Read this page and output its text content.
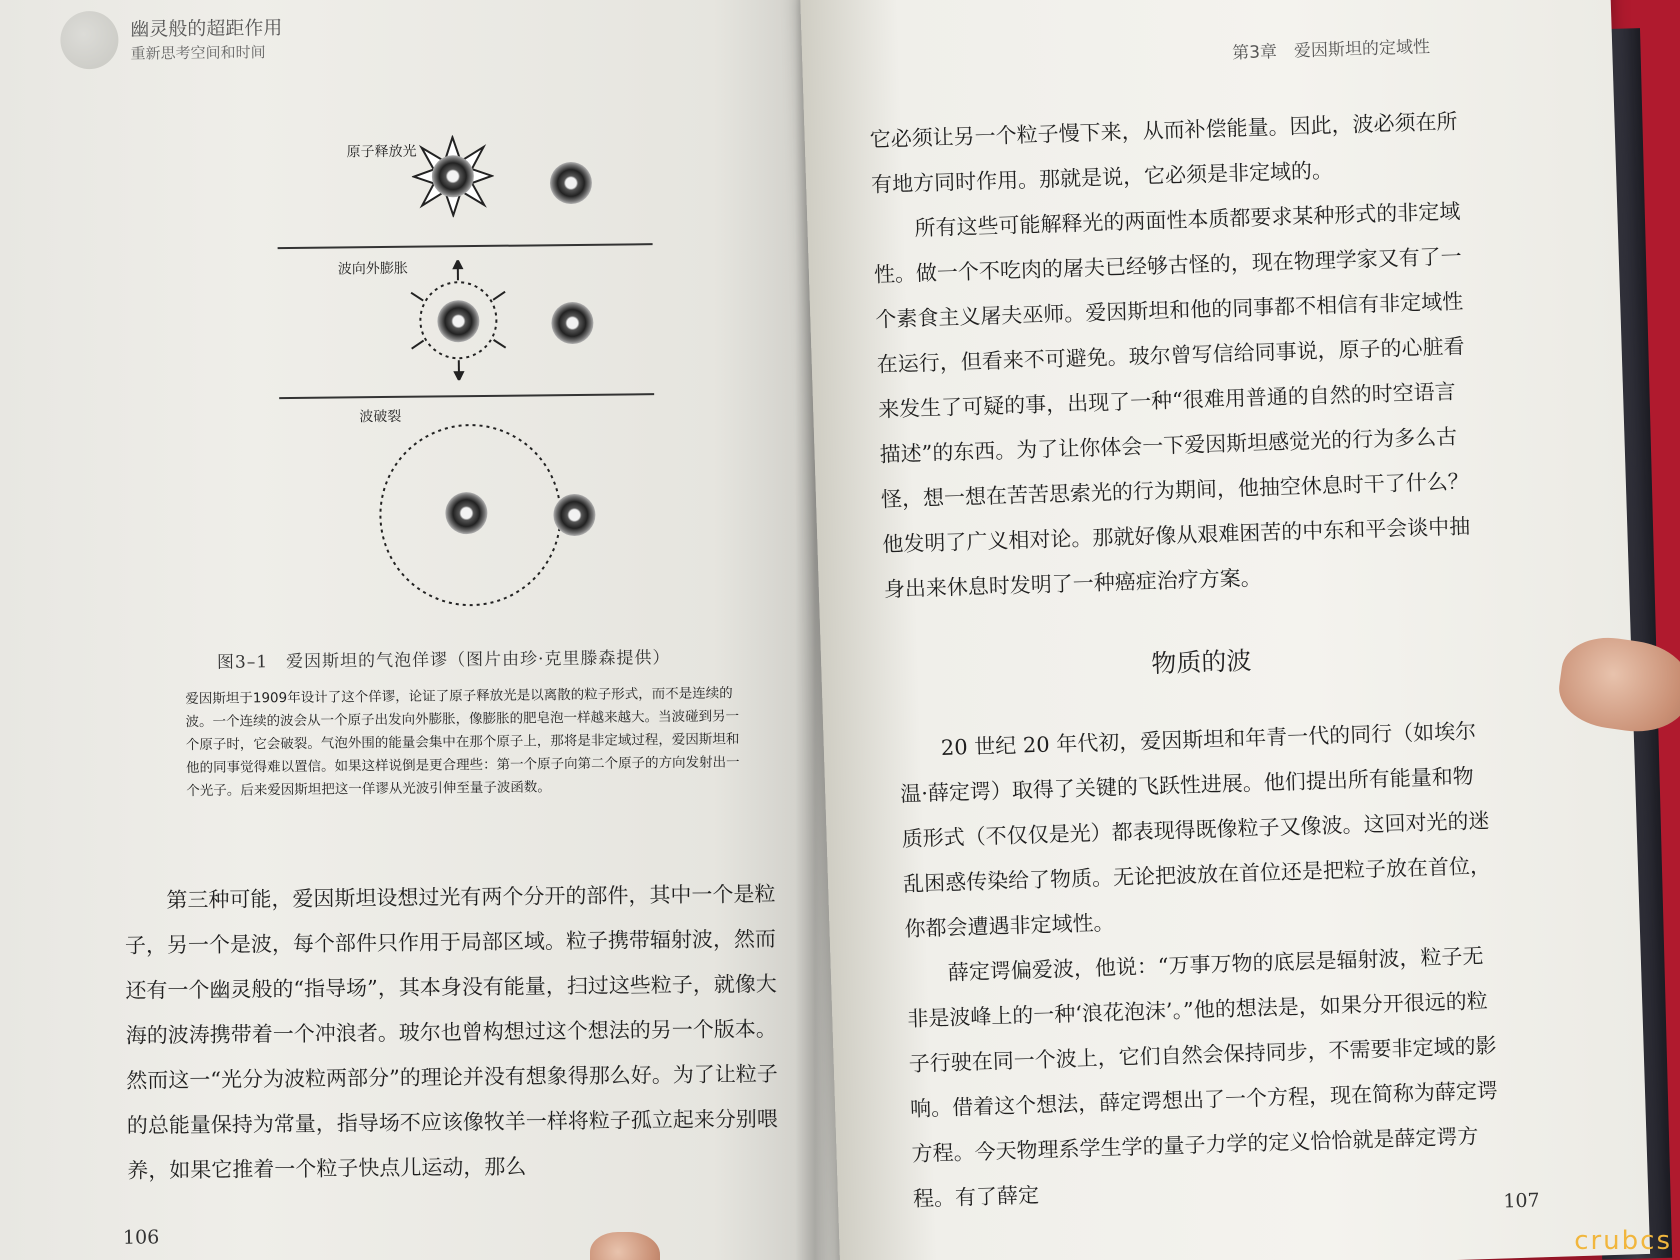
幽灵般的超距作用
重新思考空间和时间
原子释放光
波向外膨胀
波破裂
图3–1　爱因斯坦的气泡佯谬（图片由珍·克里滕森提供）
爱因斯坦于1909年设计了这个佯谬，论证了原子释放光是以离散的粒子形式，而不是连续的波。一个连续的波会从一个原子出发向外膨胀，像膨胀的肥皂泡一样越来越大。当波碰到另一个原子时，它会破裂。气泡外围的能量会集中在那个原子上，那将是非定域过程，爱因斯坦和他的同事觉得难以置信。如果这样说倒是更合理些：第一个原子向第二个原子的方向发射出一个光子。后来爱因斯坦把这一佯谬从光波引伸至量子波函数。

第三种可能，爱因斯坦设想过光有两个分开的部件，其中一个是粒子，另一个是波，每个部件只作用于局部区域。粒子携带辐射波，然而还有一个幽灵般的“指导场”，其本身没有能量，扫过这些粒子，就像大海的波涛携带着一个冲浪者。玻尔也曾构想过这个想法的另一个版本。然而这一“光分为波粒两部分”的理论并没有想象得那么好。为了让粒子的总能量保持为常量，指导场不应该像牧羊一样将粒子孤立起来分别喂养，如果它推着一个粒子快点儿运动，那么

106
第3章　爱因斯坦的定域性

它必须让另一个粒子慢下来，从而补偿能量。因此，波必须在所有地方同时作用。那就是说，它必须是非定域的。

所有这些可能解释光的两面性本质都要求某种形式的非定域性。做一个不吃肉的屠夫已经够古怪的，现在物理学家又有了一个素食主义屠夫巫师。爱因斯坦和他的同事都不相信有非定域性在运行，但看来不可避免。玻尔曾写信给同事说，原子的心脏看来发生了可疑的事，出现了一种“很难用普通的自然的时空语言描述”的东西。为了让你体会一下爱因斯坦感觉光的行为多么古怪，想一想在苦苦思索光的行为期间，他抽空休息时干了什么？他发明了广义相对论。那就好像从艰难困苦的中东和平会谈中抽身出来休息时发明了一种癌症治疗方案。

物质的波

20 世纪 20 年代初，爱因斯坦和年青一代的同行（如埃尔温·薛定谔）取得了关键的飞跃性进展。他们提出所有能量和物质形式（不仅仅是光）都表现得既像粒子又像波。这回对光的迷乱困惑传染给了物质。无论把波放在首位还是把粒子放在首位，你都会遭遇非定域性。

薛定谔偏爱波，他说：“万事万物的底层是辐射波，粒子无非是波峰上的一种‘浪花泡沫’。”他的想法是，如果分开很远的粒子行驶在同一个波上，它们自然会保持同步，不需要非定域的影响。借着这个想法，薛定谔想出了一个方程，现在简称为薛定谔方程。今天物理系学生学的量子力学的定义恰恰就是薛定谔方程。有了薛定	107
crubcs
